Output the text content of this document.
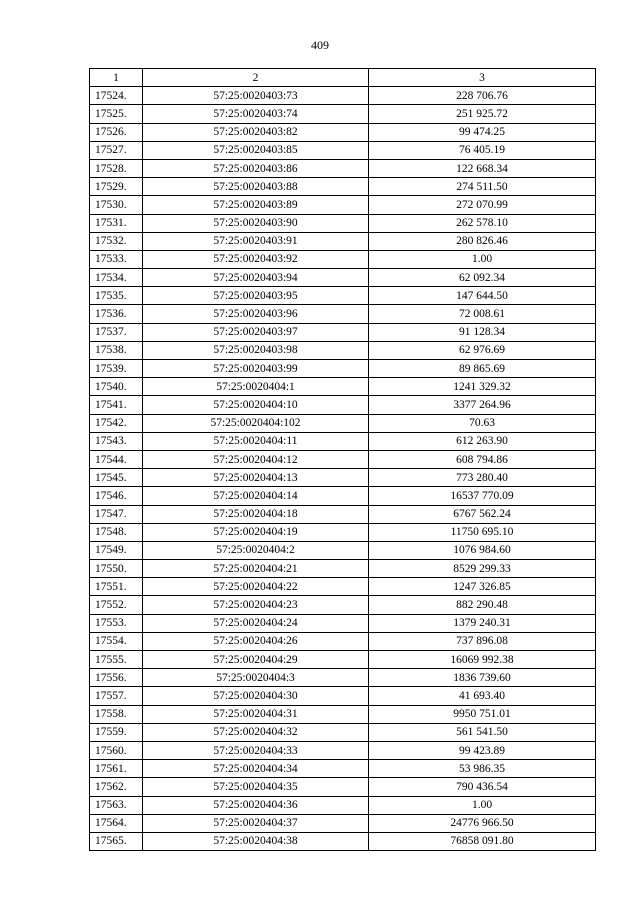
409
1	2	3
17524.	57:25:0020403:73	228 706.76
17525.	57:25:0020403:74	251 925.72
17526.	57:25:0020403:82	99 474.25
17527.	57:25:0020403:85	76 405.19
17528.	57:25:0020403:86	122 668.34
17529.	57:25:0020403:88	274 511.50
17530.	57:25:0020403:89	272 070.99
17531.	57:25:0020403:90	262 578.10
17532.	57:25:0020403:91	280 826.46
17533.	57:25:0020403:92	1.00
17534.	57:25:0020403:94	62 092.34
17535.	57:25:0020403:95	147 644.50
17536.	57:25:0020403:96	72 008.61
17537.	57:25:0020403:97	91 128.34
17538.	57:25:0020403:98	62 976.69
17539.	57:25:0020403:99	89 865.69
17540.	57:25:0020404:1	1241 329.32
17541.	57:25:0020404:10	3377 264.96
17542.	57:25:0020404:102	70.63
17543.	57:25:0020404:11	612 263.90
17544.	57:25:0020404:12	608 794.86
17545.	57:25:0020404:13	773 280.40
17546.	57:25:0020404:14	16537 770.09
17547.	57:25:0020404:18	6767 562.24
17548.	57:25:0020404:19	11750 695.10
17549.	57:25:0020404:2	1076 984.60
17550.	57:25:0020404:21	8529 299.33
17551.	57:25:0020404:22	1247 326.85
17552.	57:25:0020404:23	882 290.48
17553.	57:25:0020404:24	1379 240.31
17554.	57:25:0020404:26	737 896.08
17555.	57:25:0020404:29	16069 992.38
17556.	57:25:0020404:3	1836 739.60
17557.	57:25:0020404:30	41 693.40
17558.	57:25:0020404:31	9950 751.01
17559.	57:25:0020404:32	561 541.50
17560.	57:25:0020404:33	99 423.89
17561.	57:25:0020404:34	53 986.35
17562.	57:25:0020404:35	790 436.54
17563.	57:25:0020404:36	1.00
17564.	57:25:0020404:37	24776 966.50
17565.	57:25:0020404:38	76858 091.80
